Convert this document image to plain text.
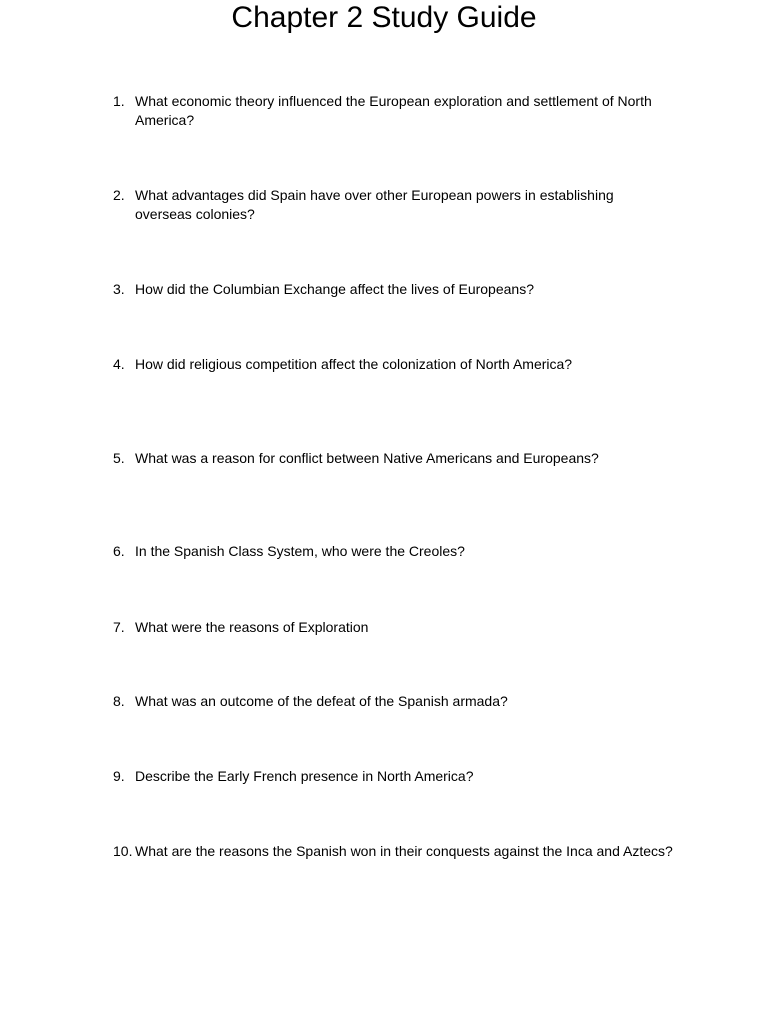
Chapter 2 Study Guide
1. What economic theory influenced the European exploration and settlement of North America?
2. What advantages did Spain have over other European powers in establishing overseas colonies?
3. How did the Columbian Exchange affect the lives of Europeans?
4. How did religious competition affect the colonization of North America?
5. What was a reason for conflict between Native Americans and Europeans?
6. In the Spanish Class System, who were the Creoles?
7. What were the reasons of Exploration
8. What was an outcome of the defeat of the Spanish armada?
9. Describe the Early French presence in North America?
10. What are the reasons the Spanish won in their conquests against the Inca and Aztecs?
